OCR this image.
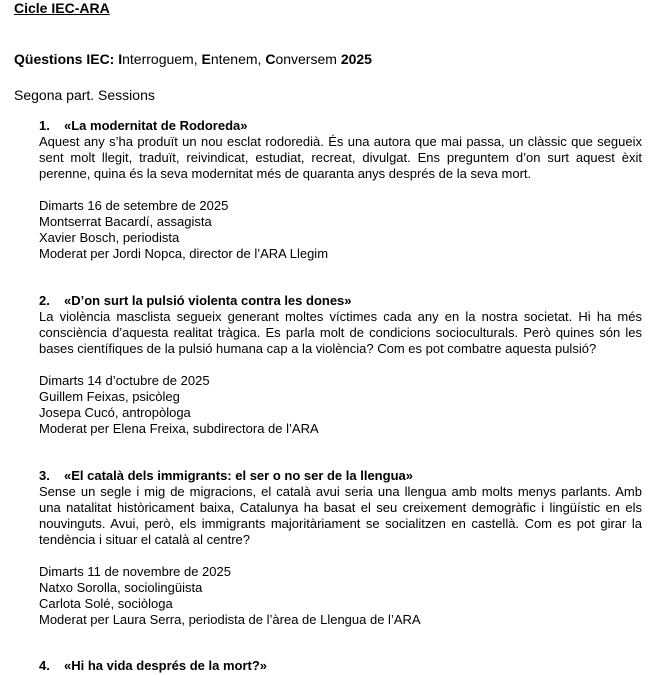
Cicle IEC-ARA
Qüestions IEC: Interroguem, Entenem, Conversem 2025
Segona part. Sessions
1. «La modernitat de Rodoreda»

Aquest any s’ha produït un nou esclat rodoredià. És una autora que mai passa, un clàssic que segueix sent molt llegit, traduït, reivindicat, estudiat, recreat, divulgat. Ens preguntem d’on surt aquest èxit perenne, quina és la seva modernitat més de quaranta anys després de la seva mort.

Dimarts 16 de setembre de 2025
Montserrat Bacardí, assagista
Xavier Bosch, periodista
Moderat per Jordi Nopca, director de l’ARA Llegim
2. «D’on surt la pulsió violenta contra les dones»

La violència masclista segueix generant moltes víctimes cada any en la nostra societat. Hi ha més consciència d’aquesta realitat tràgica. Es parla molt de condicions socioculturals. Però quines són les bases científiques de la pulsió humana cap a la violència? Com es pot combatre aquesta pulsió?

Dimarts 14 d’octubre de 2025
Guillem Feixas, psicòleg
Josepa Cucó, antropòloga
Moderat per Elena Freixa, subdirectora de l’ARA
3. «El català dels immigrants: el ser o no ser de la llengua»

Sense un segle i mig de migracions, el català avui seria una llengua amb molts menys parlants. Amb una natalitat històricament baixa, Catalunya ha basat el seu creixement demogràfic i lingüístic en els nouvinguts. Avui, però, els immigrants majoritàriament se socialitzen en castellà. Com es pot girar la tendència i situar el català al centre?

Dimarts 11 de novembre de 2025
Natxo Sorolla, sociolingüista
Carlota Solé, sociòloga
Moderat per Laura Serra, periodista de l’àrea de Llengua de l’ARA
4. «Hi ha vida després de la mort?»
